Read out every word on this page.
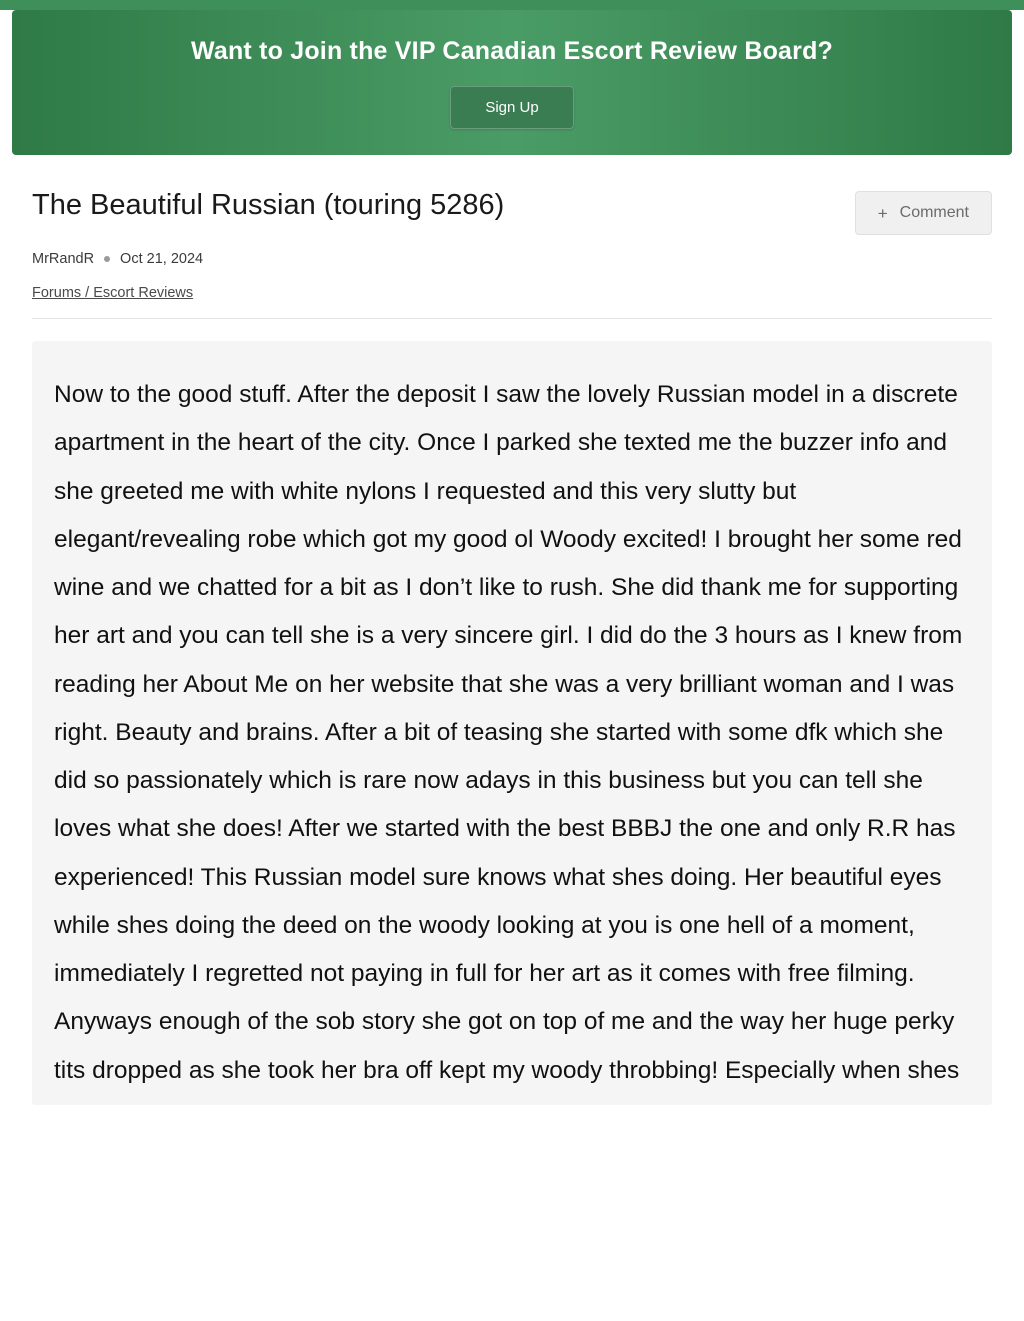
Want to Join the VIP Canadian Escort Review Board?
Sign Up
The Beautiful Russian (touring 5286)	+ Comment
MrRandR Oct 21, 2024
Forums / Escort Reviews

Now to the good stuff. After the deposit I saw the lovely Russian model in a discrete apartment in the heart of the city. Once I parked she texted me the buzzer info and she greeted me with white nylons I requested and this very slutty but elegant/revealing robe which got my good ol Woody excited! I brought her some red wine and we chatted for a bit as I don’t like to rush. She did thank me for supporting her art and you can tell she is a very sincere girl. I did do the 3 hours as I knew from reading her About Me on her website that she was a very brilliant woman and I was right. Beauty and brains. After a bit of teasing she started with some dfk which she did so passionately which is rare now adays in this business but you can tell she loves what she does! After we started with the best BBBJ the one and only R.R has experienced! This Russian model sure knows what shes doing. Her beautiful eyes while shes doing the deed on the woody looking at you is one hell of a moment, immediately I regretted not paying in full for her art as it comes with free filming. Anyways enough of the sob story she got on top of me and the way her huge perky tits dropped as she took her bra off kept my woody throbbing! Especially when shes
